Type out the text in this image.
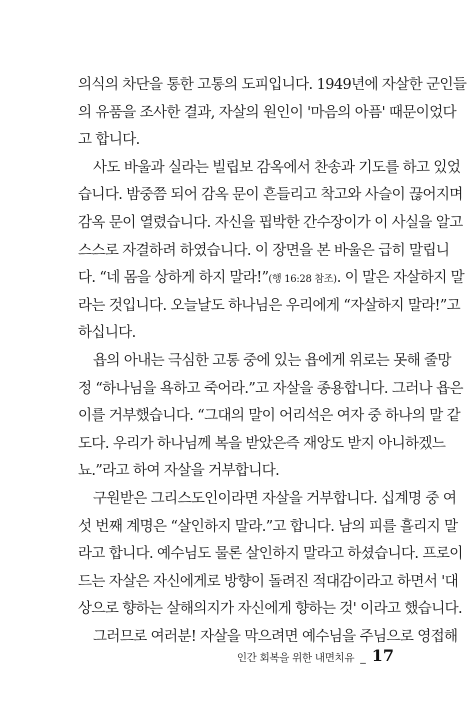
의식의 차단을 통한 고통의 도피입니다. 1949년에 자살한 군인들
의 유품을 조사한 결과, 자살의 원인이 '마음의 아픔' 때문이었다
고 합니다.
사도 바울과 실라는 빌립보 감옥에서 찬송과 기도를 하고 있었
습니다. 밤중쯤 되어 감옥 문이 흔들리고 착고와 사슬이 끊어지며
감옥 문이 열렸습니다. 자신을 핍박한 간수장이가 이 사실을 알고
스스로 자결하려 하였습니다. 이 장면을 본 바울은 급히 말립니
다. “네 몸을 상하게 하지 말라!”(행 16:28 참조). 이 말은 자살하지 말
라는 것입니다. 오늘날도 하나님은 우리에게 “자살하지 말라!”고
하십니다.
욥의 아내는 극심한 고통 중에 있는 욥에게 위로는 못해 줄망
정 “하나님을 욕하고 죽어라.”고 자살을 종용합니다. 그러나 욥은
이를 거부했습니다. “그대의 말이 어리석은 여자 중 하나의 말 같
도다. 우리가 하나님께 복을 받았은즉 재앙도 받지 아니하겠느
뇨.”라고 하여 자살을 거부합니다.
구원받은 그리스도인이라면 자살을 거부합니다. 십계명 중 여
섯 번째 계명은 “살인하지 말라.”고 합니다. 남의 피를 흘리지 말
라고 합니다. 예수님도 물론 살인하지 말라고 하셨습니다. 프로이
드는 자살은 자신에게로 방향이 돌려진 적대감이라고 하면서 '대
상으로 향하는 살해의지가 자신에게 향하는 것' 이라고 했습니다.
그러므로 여러분! 자살을 막으려면 예수님을 주님으로 영접해
인간 회복을 위한 내면치유 _ 17
